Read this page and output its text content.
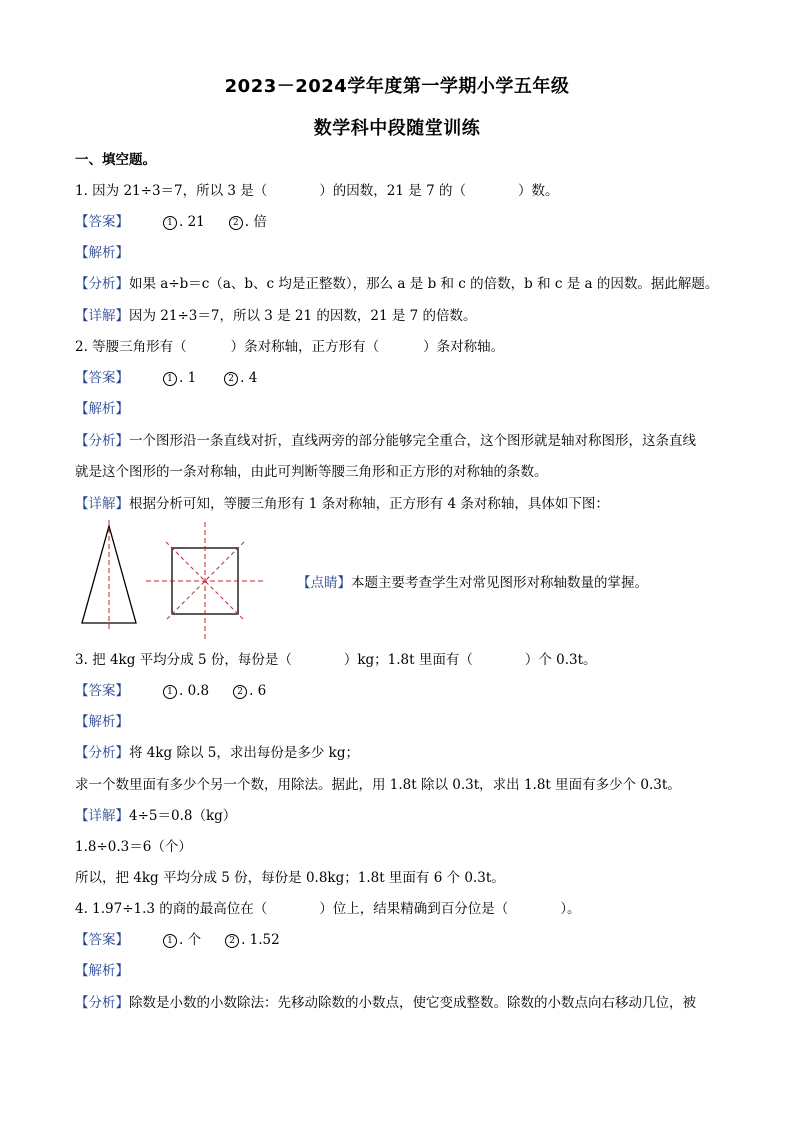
2023－2024学年度第一学期小学五年级
数学科中段随堂训练
一、填空题。
1. 因为 21÷3＝7，所以 3 是（	）的因数，21 是 7 的（	）数。
【答案】	1 . 21	2 . 倍
【解析】
【分析】如果 a÷b＝c（a、b、c 均是正整数），那么 a 是 b 和 c 的倍数，b 和 c 是 a 的因数。据此解题。
【详解】因为 21÷3＝7，所以 3 是 21 的因数，21 是 7 的倍数。
2. 等腰三角形有（	）条对称轴，正方形有（	）条对称轴。
【答案】	1 . 1	2 . 4
【解析】
【分析】一个图形沿一条直线对折，直线两旁的部分能够完全重合，这个图形就是轴对称图形，这条直线
就是这个图形的一条对称轴，由此可判断等腰三角形和正方形的对称轴的条数。
【详解】根据分析可知，等腰三角形有 1 条对称轴，正方形有 4 条对称轴，具体如下图：
【点睛】本题主要考查学生对常见图形对称轴数量的掌握。
3. 把 4kg 平均分成 5 份，每份是（	）kg；1.8t 里面有（	）个 0.3t。
【答案】	1 . 0.8	2 . 6
【解析】
【分析】将 4kg 除以 5，求出每份是多少 kg；
求一个数里面有多少个另一个数，用除法。据此，用 1.8t 除以 0.3t，求出 1.8t 里面有多少个 0.3t。
【详解】4÷5＝0.8（kg）
1.8÷0.3＝6（个）
所以，把 4kg 平均分成 5 份，每份是 0.8kg；1.8t 里面有 6 个 0.3t。
4. 1.97÷1.3 的商的最高位在（	）位上，结果精确到百分位是（	）。
【答案】	1 . 个	2 . 1.52
【解析】
【分析】除数是小数的小数除法：先移动除数的小数点，使它变成整数。除数的小数点向右移动几位，被
